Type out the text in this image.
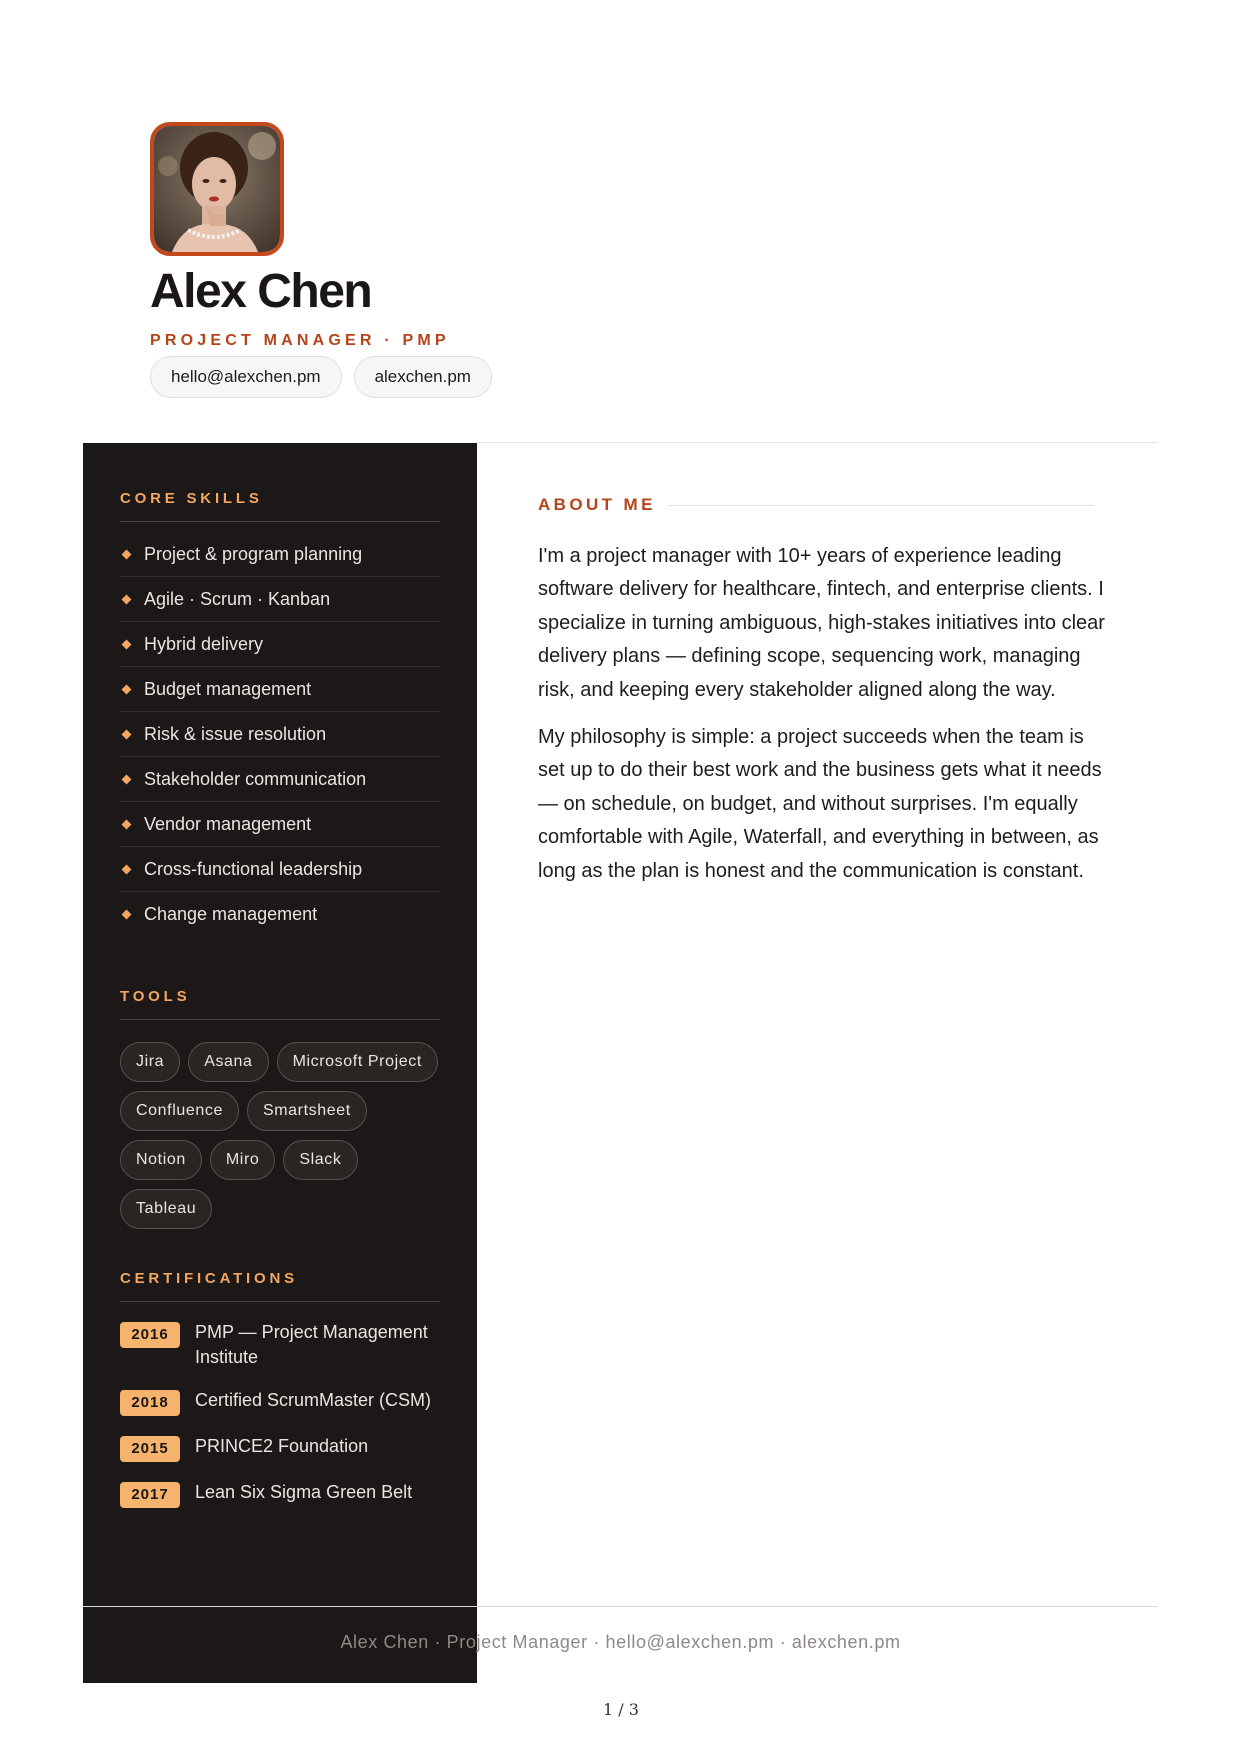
Alex Chen
PROJECT MANAGER · PMP
hello@alexchen.pm	alexchen.pm
CORE SKILLS
Project & program planning
Agile · Scrum · Kanban
Hybrid delivery
Budget management
Risk & issue resolution
Stakeholder communication
Vendor management
Cross-functional leadership
Change management
TOOLS
Jira	Asana	Microsoft Project
Confluence	Smartsheet
Notion	Miro	Slack
Tableau
CERTIFICATIONS
2016	PMP — Project Management Institute
2018	Certified ScrumMaster (CSM)
2015	PRINCE2 Foundation
2017	Lean Six Sigma Green Belt
ABOUT ME

I'm a project manager with 10+ years of experience leading software delivery for healthcare, fintech, and enterprise clients. I specialize in turning ambiguous, high-stakes initiatives into clear delivery plans — defining scope, sequencing work, managing risk, and keeping every stakeholder aligned along the way.

My philosophy is simple: a project succeeds when the team is set up to do their best work and the business gets what it needs — on schedule, on budget, and without surprises. I'm equally comfortable with Agile, Waterfall, and everything in between, as long as the plan is honest and the communication is constant.

Alex Chen · Project Manager · hello@alexchen.pm · alexchen.pm
1 / 3
